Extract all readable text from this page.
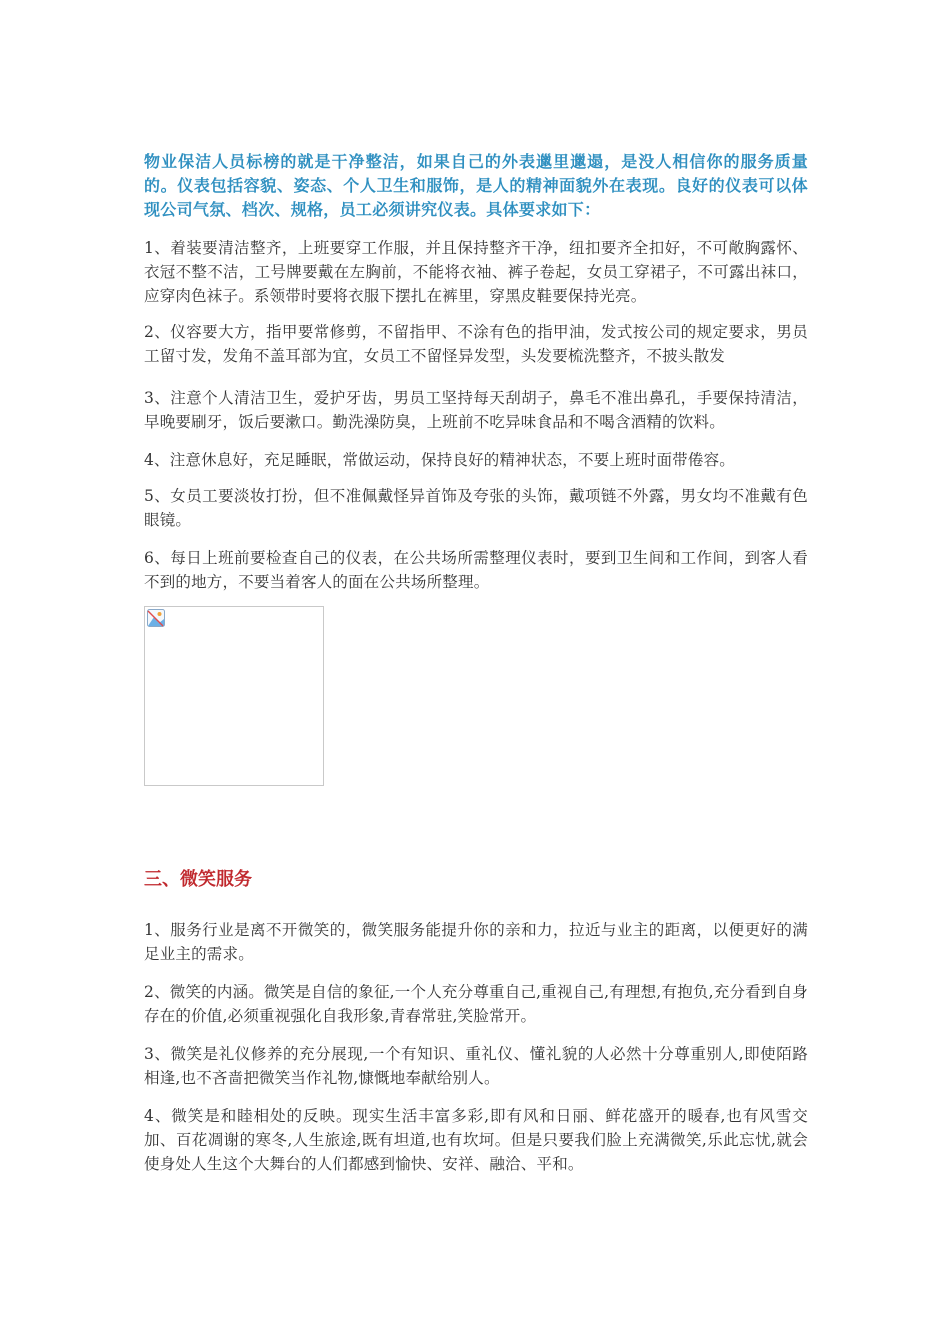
物业保洁人员标榜的就是干净整洁，如果自己的外表邋里邋遢，是没人相信你的服务质量的。仪表包括容貌、姿态、个人卫生和服饰，是人的精神面貌外在表现。良好的仪表可以体现公司气氛、档次、规格，员工必须讲究仪表。具体要求如下：
1、着装要清洁整齐，上班要穿工作服，并且保持整齐干净，纽扣要齐全扣好，不可敞胸露怀、衣冠不整不洁，工号牌要戴在左胸前，不能将衣袖、裤子卷起，女员工穿裙子，不可露出袜口，应穿肉色袜子。系领带时要将衣服下摆扎在裤里，穿黑皮鞋要保持光亮。
2、仪容要大方，指甲要常修剪，不留指甲、不涂有色的指甲油，发式按公司的规定要求，男员工留寸发，发角不盖耳部为宜，女员工不留怪异发型，头发要梳洗整齐，不披头散发
3、注意个人清洁卫生，爱护牙齿，男员工坚持每天刮胡子，鼻毛不准出鼻孔，手要保持清洁，早晚要刷牙，饭后要漱口。勤洗澡防臭，上班前不吃异味食品和不喝含酒精的饮料。
4、注意休息好，充足睡眠，常做运动，保持良好的精神状态，不要上班时面带倦容。
5、女员工要淡妆打扮，但不准佩戴怪异首饰及夸张的头饰，戴项链不外露，男女均不准戴有色眼镜。
6、每日上班前要检查自己的仪表，在公共场所需整理仪表时，要到卫生间和工作间，到客人看不到的地方，不要当着客人的面在公共场所整理。
三、微笑服务
1、服务行业是离不开微笑的，微笑服务能提升你的亲和力，拉近与业主的距离，以便更好的满足业主的需求。
2、微笑的内涵。微笑是自信的象征,一个人充分尊重自己,重视自己,有理想,有抱负,充分看到自身存在的价值,必须重视强化自我形象,青春常驻,笑脸常开。
3、微笑是礼仪修养的充分展现,一个有知识、重礼仪、懂礼貌的人必然十分尊重别人,即使陌路相逢,也不吝啬把微笑当作礼物,慷慨地奉献给别人。
4、微笑是和睦相处的反映。现实生活丰富多彩,即有风和日丽、鲜花盛开的暖春,也有风雪交加、百花凋谢的寒冬,人生旅途,既有坦道,也有坎坷。但是只要我们脸上充满微笑,乐此忘忧,就会使身处人生这个大舞台的人们都感到愉快、安祥、融洽、平和。
